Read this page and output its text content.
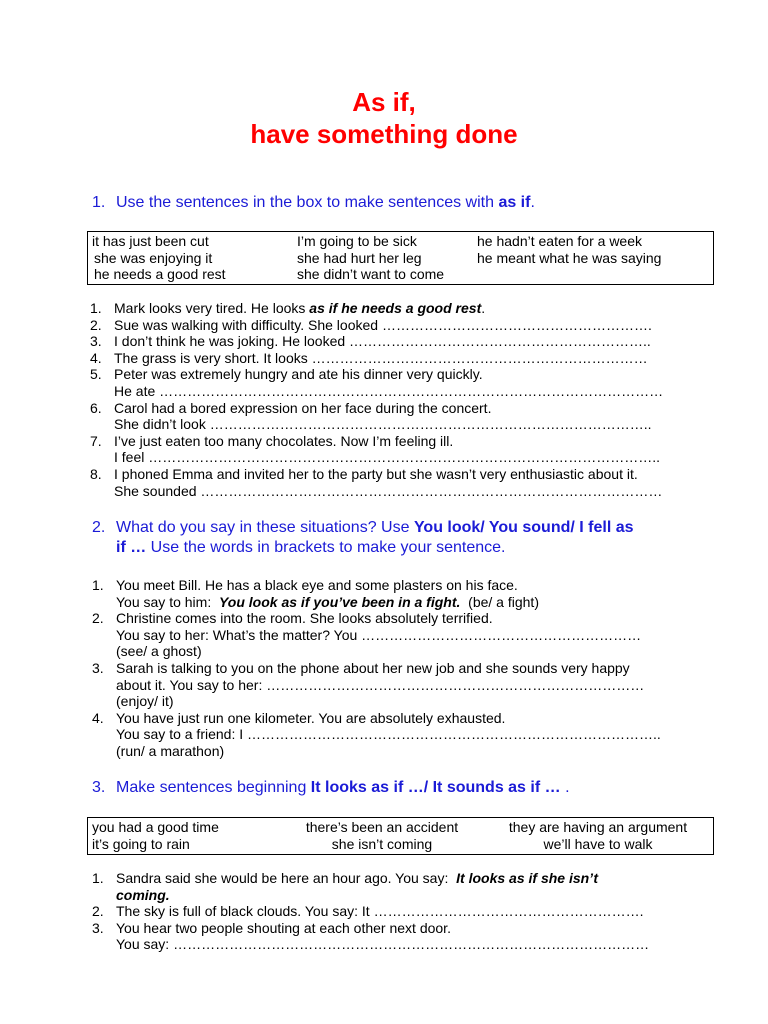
As if,
have something done
1. Use the sentences in the box to make sentences with as if.
it has just been cut	I’m going to be sick	he hadn’t eaten for a week
she was enjoying it	she had hurt her leg	he meant what he was saying
he needs a good rest	she didn’t want to come
1. Mark looks very tired. He looks as if he needs a good rest.
2. Sue was walking with difficulty. She looked ………………………………………………….
3. I don’t think he was joking. He looked ………………………………………………………..
4. The grass is very short. It looks ………………………………………………………………
5. Peter was extremely hungry and ate his dinner very quickly.
He ate ………………………………………………………………………………………………
6. Carol had a bored expression on her face during the concert.
She didn’t look …………………………………………………………………………………..
7. I’ve just eaten too many chocolates. Now I’m feeling ill.
I feel ………………………………………………………………………………………………..
8. I phoned Emma and invited her to the party but she wasn’t very enthusiastic about it.
She sounded ………………………………………………………………………………………
2. What do you say in these situations? Use You look/ You sound/ I fell as
if … Use the words in brackets to make your sentence.
1. You meet Bill. He has a black eye and some plasters on his face.
You say to him:  You look as if you’ve been in a fight.  (be/ a fight)
2. Christine comes into the room. She looks absolutely terrified.
You say to her: What’s the matter? You ……………………………………………………
(see/ a ghost)
3. Sarah is talking to you on the phone about her new job and she sounds very happy
about it. You say to her: ………………………………………………………………………
(enjoy/ it)
4. You have just run one kilometer. You are absolutely exhausted.
You say to a friend: I ……………………………………………………………………………..
(run/ a marathon)
3. Make sentences beginning It looks as if …/ It sounds as if … .
you had a good time	there’s been an accident	they are having an argument
it’s going to rain	she isn’t coming	we’ll have to walk
1. Sandra said she would be here an hour ago. You say:  It looks as if she isn’t
coming.
2. The sky is full of black clouds. You say: It ………………………………………………….
3. You hear two people shouting at each other next door.
You say: …………………………………………………………………………………………
